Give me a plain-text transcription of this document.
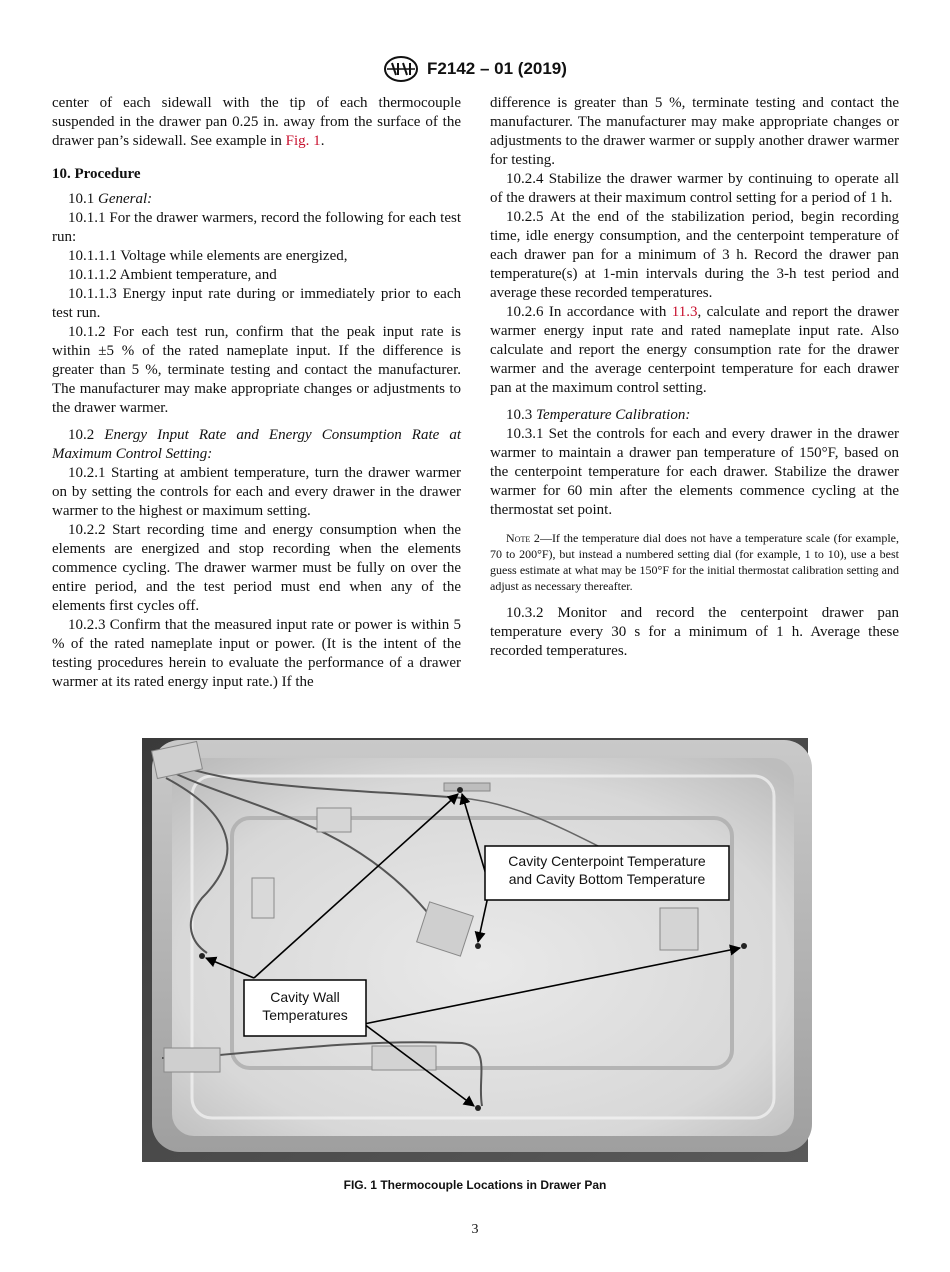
F2142 – 01 (2019)

center of each sidewall with the tip of each thermocouple suspended in the drawer pan 0.25 in. away from the surface of the drawer pan’s sidewall. See example in Fig. 1.

10. Procedure

10.1 General:

10.1.1 For the drawer warmers, record the following for each test run:

10.1.1.1 Voltage while elements are energized,

10.1.1.2 Ambient temperature, and

10.1.1.3 Energy input rate during or immediately prior to each test run.

10.1.2 For each test run, confirm that the peak input rate is within ±5 % of the rated nameplate input. If the difference is greater than 5 %, terminate testing and contact the manufacturer. The manufacturer may make appropriate changes or adjustments to the drawer warmer.

10.2 Energy Input Rate and Energy Consumption Rate at Maximum Control Setting:

10.2.1 Starting at ambient temperature, turn the drawer warmer on by setting the controls for each and every drawer in the drawer warmer to the highest or maximum setting.

10.2.2 Start recording time and energy consumption when the elements are energized and stop recording when the elements commence cycling. The drawer warmer must be fully on over the entire period, and the test period must end when any of the elements first cycles off.

10.2.3 Confirm that the measured input rate or power is within 5 % of the rated nameplate input or power. (It is the intent of the testing procedures herein to evaluate the performance of a drawer warmer at its rated energy input rate.) If the

difference is greater than 5 %, terminate testing and contact the manufacturer. The manufacturer may make appropriate changes or adjustments to the drawer warmer or supply another drawer warmer for testing.

10.2.4 Stabilize the drawer warmer by continuing to operate all of the drawers at their maximum control setting for a period of 1 h.

10.2.5 At the end of the stabilization period, begin recording time, idle energy consumption, and the centerpoint temperature of each drawer pan for a minimum of 3 h. Record the drawer pan temperature(s) at 1-min intervals during the 3-h test period and average these recorded temperatures.

10.2.6 In accordance with 11.3, calculate and report the drawer warmer energy input rate and rated nameplate input rate. Also calculate and report the energy consumption rate for the drawer warmer and the average centerpoint temperature for each drawer pan at the maximum control setting.

10.3 Temperature Calibration:

10.3.1 Set the controls for each and every drawer in the drawer warmer to maintain a drawer pan temperature of 150°F, based on the centerpoint temperature for each drawer. Stabilize the drawer warmer for 60 min after the elements commence cycling at the thermostat set point.

Note 2—If the temperature dial does not have a temperature scale (for example, 70 to 200°F), but instead a numbered setting dial (for example, 1 to 10), use a best guess estimate at what may be 150°F for the initial thermostat calibration setting and adjust as necessary thereafter.

10.3.2 Monitor and record the centerpoint drawer pan temperature every 30 s for a minimum of 1 h. Average these recorded temperatures.

Cavity Centerpoint Temperature
and Cavity Bottom Temperature
Cavity Wall
Temperatures
FIG. 1 Thermocouple Locations in Drawer Pan
3
